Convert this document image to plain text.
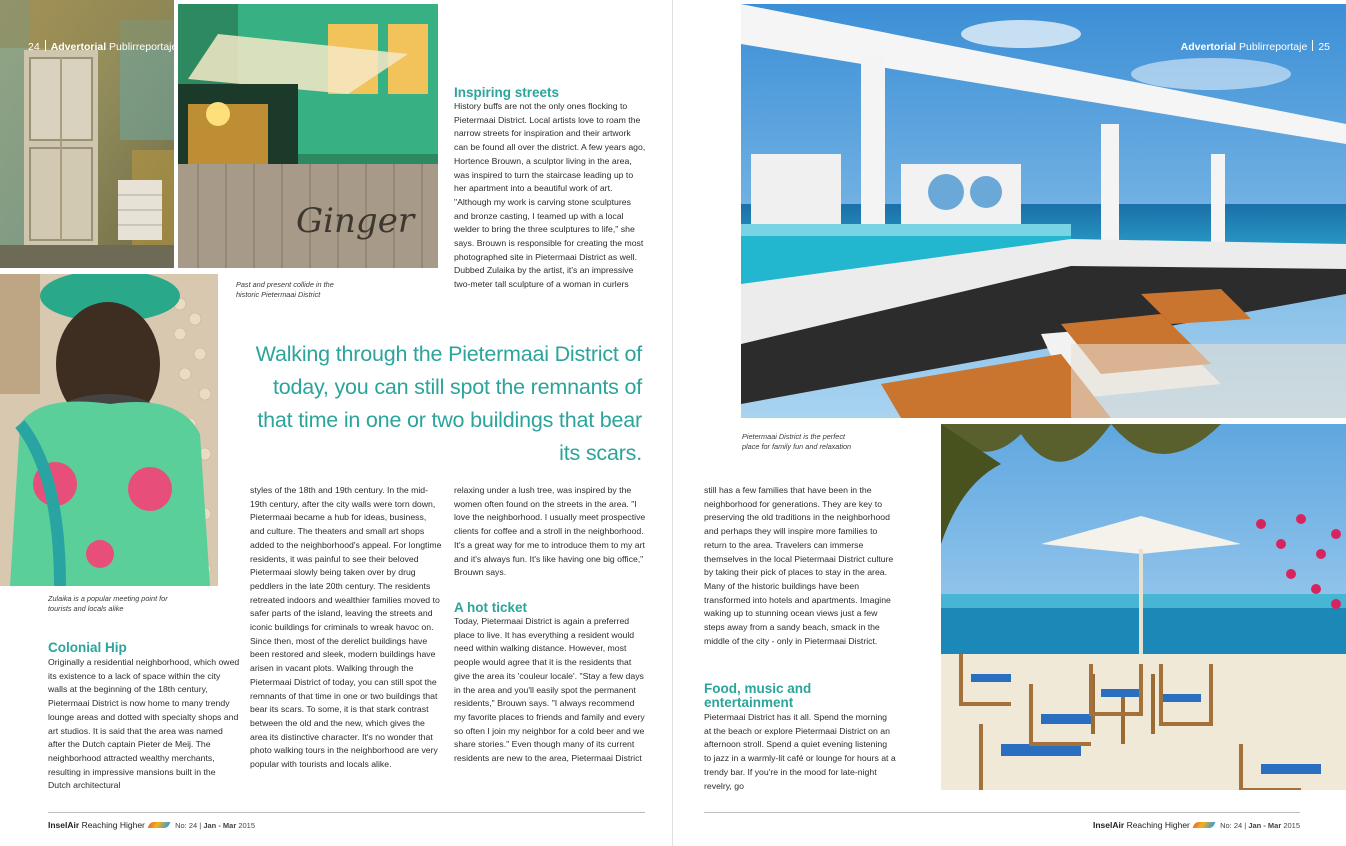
Ginger
24 Advertorial Publirreportaje
Past and present collide in the historic Pietermaai District
Zulaika is a popular meeting point for tourists and locals alike
Colonial Hip
Originally a residential neighborhood, which owed its existence to a lack of space within the city walls at the beginning of the 18th century, Pietermaai District is now home to many trendy lounge areas and dotted with specialty shops and art studios. It is said that the area was named after the Dutch captain Pieter de Meij. The neighborhood attracted wealthy merchants, resulting in impressive mansions built in the Dutch architectural
styles of the 18th and 19th century. In the mid-19th century, after the city walls were torn down, Pietermaai became a hub for ideas, business, and culture. The theaters and small art shops added to the neighborhood's appeal. For longtime residents, it was painful to see their beloved Pietermaai slowly being taken over by drug peddlers in the late 20th century. The residents retreated indoors and wealthier families moved to safer parts of the island, leaving the streets and iconic buildings for criminals to wreak havoc on. Since then, most of the derelict buildings have been restored and sleek, modern buildings have arisen in vacant plots. Walking through the Pietermaai District of today, you can still spot the remnants of that time in one or two buildings that bear its scars. To some, it is that stark contrast between the old and the new, which gives the area its distinctive character. It's no wonder that photo walking tours in the neighborhood are very popular with tourists and locals alike.
Inspiring streets
History buffs are not the only ones flocking to Pietermaai District. Local artists love to roam the narrow streets for inspiration and their artwork can be found all over the district. A few years ago, Hortence Brouwn, a sculptor living in the area, was inspired to turn the staircase leading up to her apartment into a beautiful work of art. "Although my work is carving stone sculptures and bronze casting, I teamed up with a local welder to bring the three sculptures to life," she says. Brouwn is responsible for creating the most photographed site in Pietermaai District as well. Dubbed Zulaika by the artist, it's an impressive two-meter tall sculpture of a woman in curlers
Walking through the Pietermaai District of today, you can still spot the remnants of that time in one or two buildings that bear its scars.
relaxing under a lush tree, was inspired by the women often found on the streets in the area. "I love the neighborhood. I usually meet prospective clients for coffee and a stroll in the neighborhood. It's a great way for me to introduce them to my art and it's always fun. It's like having one big office," Brouwn says.
A hot ticket
Today, Pietermaai District is again a preferred place to live. It has everything a resident would need within walking distance. However, most people would agree that it is the residents that give the area its 'couleur locale'. "Stay a few days in the area and you'll easily spot the permanent residents," Brouwn says. "I always recommend my favorite places to friends and family and every so often I join my neighbor for a cold beer and we share stories." Even though many of its current residents are new to the area, Pietermaai District
InselAir Reaching Higher	No: 24 | Jan - Mar 2015
Advertorial Publirreportaje 25
Pietermaai District is the perfect place for family fun and relaxation
still has a few families that have been in the neighborhood for generations. They are key to preserving the old traditions in the neighborhood and perhaps they will inspire more families to return to the area. Travelers can immerse themselves in the local Pietermaai District culture by taking their pick of places to stay in the area. Many of the historic buildings have been transformed into hotels and apartments. Imagine waking up to stunning ocean views just a few steps away from a sandy beach, smack in the middle of the city - only in Pietermaai District.
Food, music and entertainment
Pietermaai District has it all. Spend the morning at the beach or explore Pietermaai District on an afternoon stroll. Spend a quiet evening listening to jazz in a warmly-lit café or lounge for hours at a trendy bar. If you're in the mood for late-night revelry, go
InselAir Reaching Higher	No: 24 | Jan - Mar 2015
